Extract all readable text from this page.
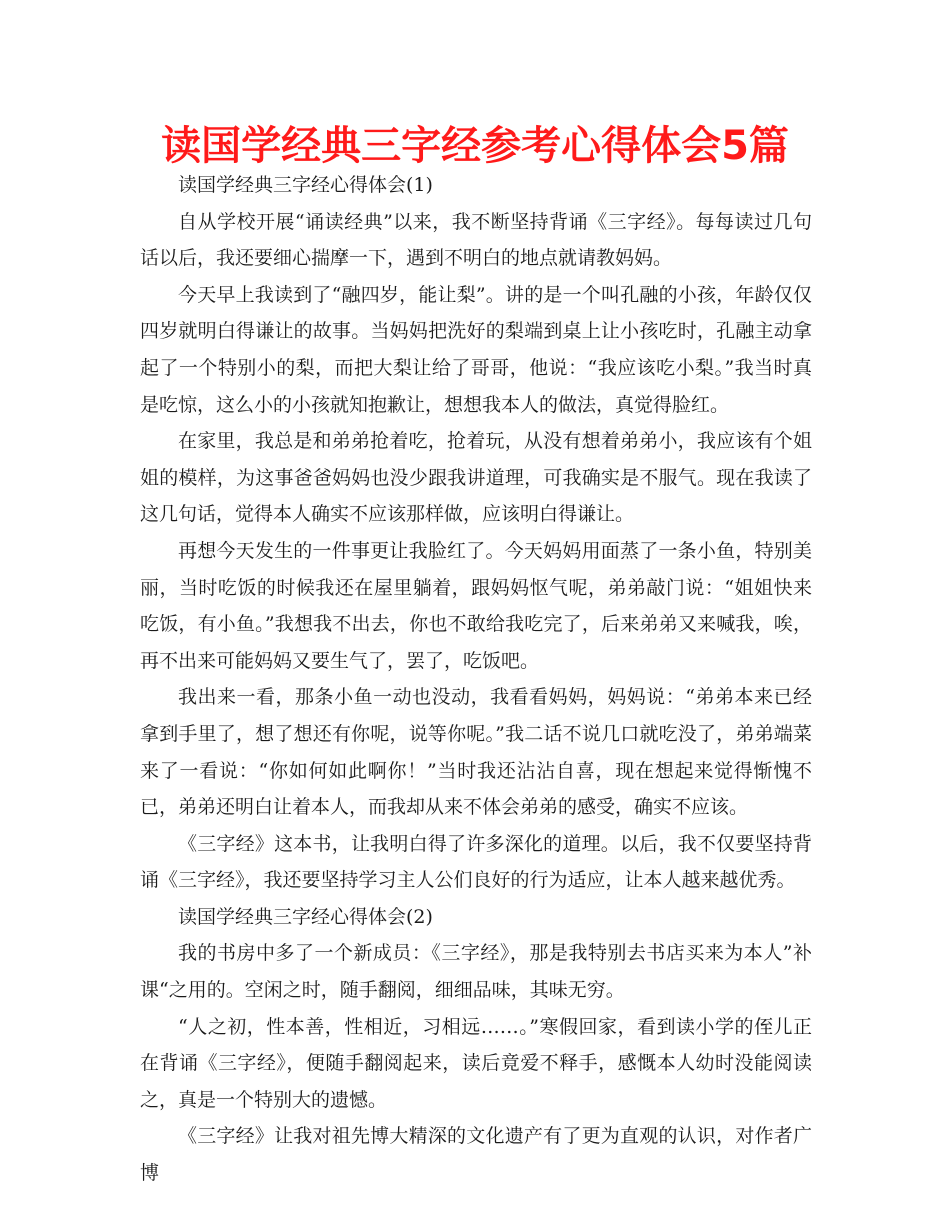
读国学经典三字经参考心得体会5篇

读国学经典三字经心得体会(1)

自从学校开展“诵读经典”以来，我不断坚持背诵《三字经》。每每读过几句话以后，我还要细心揣摩一下，遇到不明白的地点就请教妈妈。

今天早上我读到了“融四岁，能让梨”。讲的是一个叫孔融的小孩，年龄仅仅四岁就明白得谦让的故事。当妈妈把洗好的梨端到桌上让小孩吃时，孔融主动拿起了一个特别小的梨，而把大梨让给了哥哥，他说：“我应该吃小梨。”我当时真是吃惊，这么小的小孩就知抱歉让，想想我本人的做法，真觉得脸红。

在家里，我总是和弟弟抢着吃，抢着玩，从没有想着弟弟小，我应该有个姐姐的模样，为这事爸爸妈妈也没少跟我讲道理，可我确实是不服气。现在我读了这几句话，觉得本人确实不应该那样做，应该明白得谦让。

再想今天发生的一件事更让我脸红了。今天妈妈用面蒸了一条小鱼，特别美丽，当时吃饭的时候我还在屋里躺着，跟妈妈怄气呢，弟弟敲门说：“姐姐快来吃饭，有小鱼。”我想我不出去，你也不敢给我吃完了，后来弟弟又来喊我，唉，再不出来可能妈妈又要生气了，罢了，吃饭吧。

我出来一看，那条小鱼一动也没动，我看看妈妈，妈妈说：“弟弟本来已经拿到手里了，想了想还有你呢，说等你呢。”我二话不说几口就吃没了，弟弟端菜来了一看说：“你如何如此啊你！”当时我还沾沾自喜，现在想起来觉得惭愧不已，弟弟还明白让着本人，而我却从来不体会弟弟的感受，确实不应该。

《三字经》这本书，让我明白得了许多深化的道理。以后，我不仅要坚持背诵《三字经》，我还要坚持学习主人公们良好的行为适应，让本人越来越优秀。

读国学经典三字经心得体会(2)

我的书房中多了一个新成员：《三字经》，那是我特别去书店买来为本人”补课“之用的。空闲之时，随手翻阅，细细品味，其味无穷。

“人之初，性本善，性相近，习相远……。”寒假回家，看到读小学的侄儿正在背诵《三字经》，便随手翻阅起来，读后竟爱不释手，感慨本人幼时没能阅读之，真是一个特别大的遗憾。

《三字经》让我对祖先博大精深的文化遗产有了更为直观的认识，对作者广博
